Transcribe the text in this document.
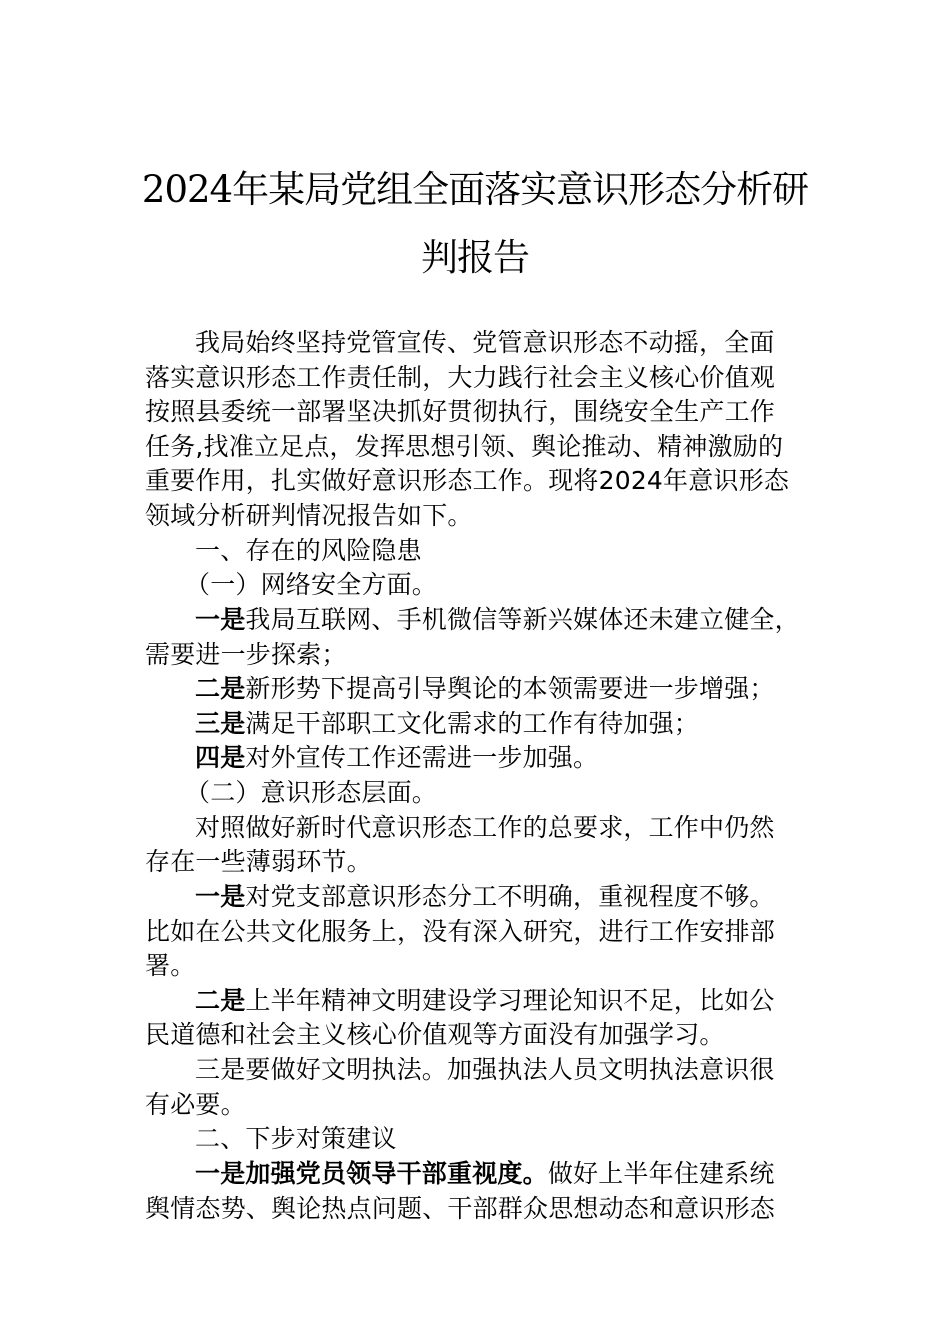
2024年某局党组全面落实意识形态分析研
判报告
我局始终坚持党管宣传、党管意识形态不动摇，全面
落实意识形态工作责任制，大力践行社会主义核心价值观
按照县委统一部署坚决抓好贯彻执行，围绕安全生产工作
任务,找准立足点，发挥思想引领、舆论推动、精神激励的
重要作用，扎实做好意识形态工作。现将2024年意识形态
领域分析研判情况报告如下。
一、存在的风险隐患
（一）网络安全方面。
一是我局互联网、手机微信等新兴媒体还未建立健全，
需要进一步探索；
二是新形势下提高引导舆论的本领需要进一步增强；
三是满足干部职工文化需求的工作有待加强；
四是对外宣传工作还需进一步加强。
（二）意识形态层面。
对照做好新时代意识形态工作的总要求，工作中仍然
存在一些薄弱环节。
一是对党支部意识形态分工不明确，重视程度不够。
比如在公共文化服务上，没有深入研究，进行工作安排部
署。
二是上半年精神文明建设学习理论知识不足，比如公
民道德和社会主义核心价值观等方面没有加强学习。
三是要做好文明执法。加强执法人员文明执法意识很
有必要。
二、下步对策建议
一是加强党员领导干部重视度。做好上半年住建系统
舆情态势、舆论热点问题、干部群众思想动态和意识形态
